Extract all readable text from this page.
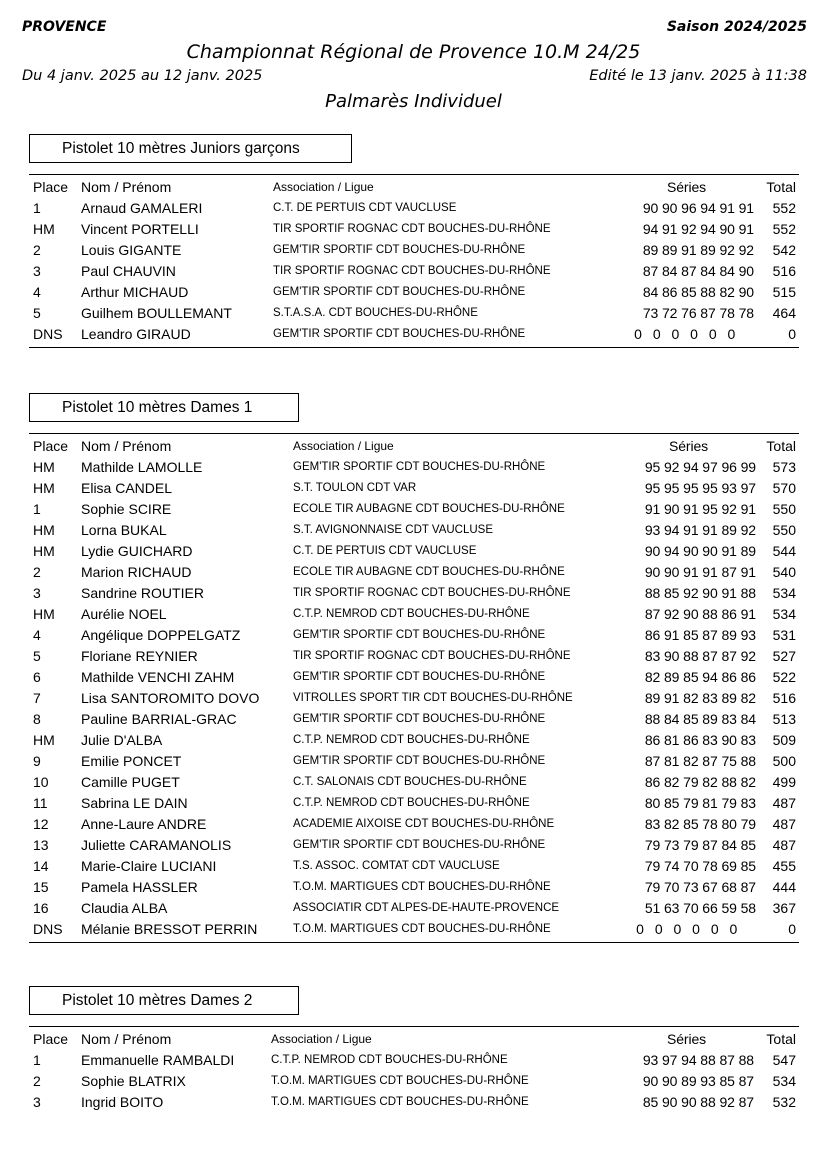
PROVENCE	Saison 2024/2025
Championnat Régional de Provence 10.M 24/25
Du 4 janv. 2025 au 12 janv. 2025	Edité le 13 janv. 2025 à 11:38
Palmarès Individuel
Pistolet 10 mètres Juniors garçons
Place Nom / Prénom	Association / Ligue	Séries	Total
1	Arnaud GAMALERI	C.T. DE PERTUIS CDT VAUCLUSE	90 90 96 94 91 91 552
HM Vincent PORTELLI	TIR SPORTIF ROGNAC CDT BOUCHES-DU-RHÔNE	94 91 92 94 90 91 552
2	Louis GIGANTE	GEM'TIR SPORTIF CDT BOUCHES-DU-RHÔNE	89 89 91 89 92 92 542
3	Paul CHAUVIN	TIR SPORTIF ROGNAC CDT BOUCHES-DU-RHÔNE	87 84 87 84 84 90 516
4	Arthur MICHAUD	GEM'TIR SPORTIF CDT BOUCHES-DU-RHÔNE	84 86 85 88 82 90 515
5	Guilhem BOULLEMANT	S.T.A.S.A. CDT BOUCHES-DU-RHÔNE	73 72 76 87 78 78 464
DNS Leandro GIRAUD	GEM'TIR SPORTIF CDT BOUCHES-DU-RHÔNE	0 0 0 0 0 0	0
Pistolet 10 mètres Dames 1
Place Nom / Prénom	Association / Ligue	Séries	Total
HM Mathilde LAMOLLE	GEM'TIR SPORTIF CDT BOUCHES-DU-RHÔNE	95 92 94 97 96 99 573
HM Elisa CANDEL	S.T. TOULON CDT VAR	95 95 95 95 93 97 570
1	Sophie SCIRE	ECOLE TIR AUBAGNE CDT BOUCHES-DU-RHÔNE	91 90 91 95 92 91 550
HM Lorna BUKAL	S.T. AVIGNONNAISE CDT VAUCLUSE	93 94 91 91 89 92 550
HM Lydie GUICHARD	C.T. DE PERTUIS CDT VAUCLUSE	90 94 90 90 91 89 544
2	Marion RICHAUD	ECOLE TIR AUBAGNE CDT BOUCHES-DU-RHÔNE	90 90 91 91 87 91 540
3	Sandrine ROUTIER	TIR SPORTIF ROGNAC CDT BOUCHES-DU-RHÔNE	88 85 92 90 91 88 534
HM Aurélie NOEL	C.T.P. NEMROD CDT BOUCHES-DU-RHÔNE	87 92 90 88 86 91 534
4	Angélique DOPPELGATZ	GEM'TIR SPORTIF CDT BOUCHES-DU-RHÔNE	86 91 85 87 89 93 531
5	Floriane REYNIER	TIR SPORTIF ROGNAC CDT BOUCHES-DU-RHÔNE	83 90 88 87 87 92 527
6	Mathilde VENCHI ZAHM	GEM'TIR SPORTIF CDT BOUCHES-DU-RHÔNE	82 89 85 94 86 86 522
7	Lisa SANTOROMITO DOVO	VITROLLES SPORT TIR CDT BOUCHES-DU-RHÔNE	89 91 82 83 89 82 516
8	Pauline BARRIAL-GRAC	GEM'TIR SPORTIF CDT BOUCHES-DU-RHÔNE	88 84 85 89 83 84 513
HM Julie D'ALBA	C.T.P. NEMROD CDT BOUCHES-DU-RHÔNE	86 81 86 83 90 83 509
9	Emilie PONCET	GEM'TIR SPORTIF CDT BOUCHES-DU-RHÔNE	87 81 82 87 75 88 500
10 Camille PUGET	C.T. SALONAIS CDT BOUCHES-DU-RHÔNE	86 82 79 82 88 82 499
11 Sabrina LE DAIN	C.T.P. NEMROD CDT BOUCHES-DU-RHÔNE	80 85 79 81 79 83 487
12 Anne-Laure ANDRE	ACADEMIE AIXOISE CDT BOUCHES-DU-RHÔNE	83 82 85 78 80 79 487
13 Juliette CARAMANOLIS	GEM'TIR SPORTIF CDT BOUCHES-DU-RHÔNE	79 73 79 87 84 85 487
14 Marie-Claire LUCIANI	T.S. ASSOC. COMTAT CDT VAUCLUSE	79 74 70 78 69 85 455
15 Pamela HASSLER	T.O.M. MARTIGUES CDT BOUCHES-DU-RHÔNE	79 70 73 67 68 87 444
16 Claudia ALBA	ASSOCIATIR CDT ALPES-DE-HAUTE-PROVENCE	51 63 70 66 59 58 367
DNS Mélanie BRESSOT PERRIN	T.O.M. MARTIGUES CDT BOUCHES-DU-RHÔNE	0 0 0 0 0 0	0
Pistolet 10 mètres Dames 2
Place Nom / Prénom	Association / Ligue	Séries	Total
1	Emmanuelle RAMBALDI	C.T.P. NEMROD CDT BOUCHES-DU-RHÔNE	93 97 94 88 87 88 547
2	Sophie BLATRIX	T.O.M. MARTIGUES CDT BOUCHES-DU-RHÔNE	90 90 89 93 85 87 534
3	Ingrid BOITO	T.O.M. MARTIGUES CDT BOUCHES-DU-RHÔNE	85 90 90 88 92 87 532
